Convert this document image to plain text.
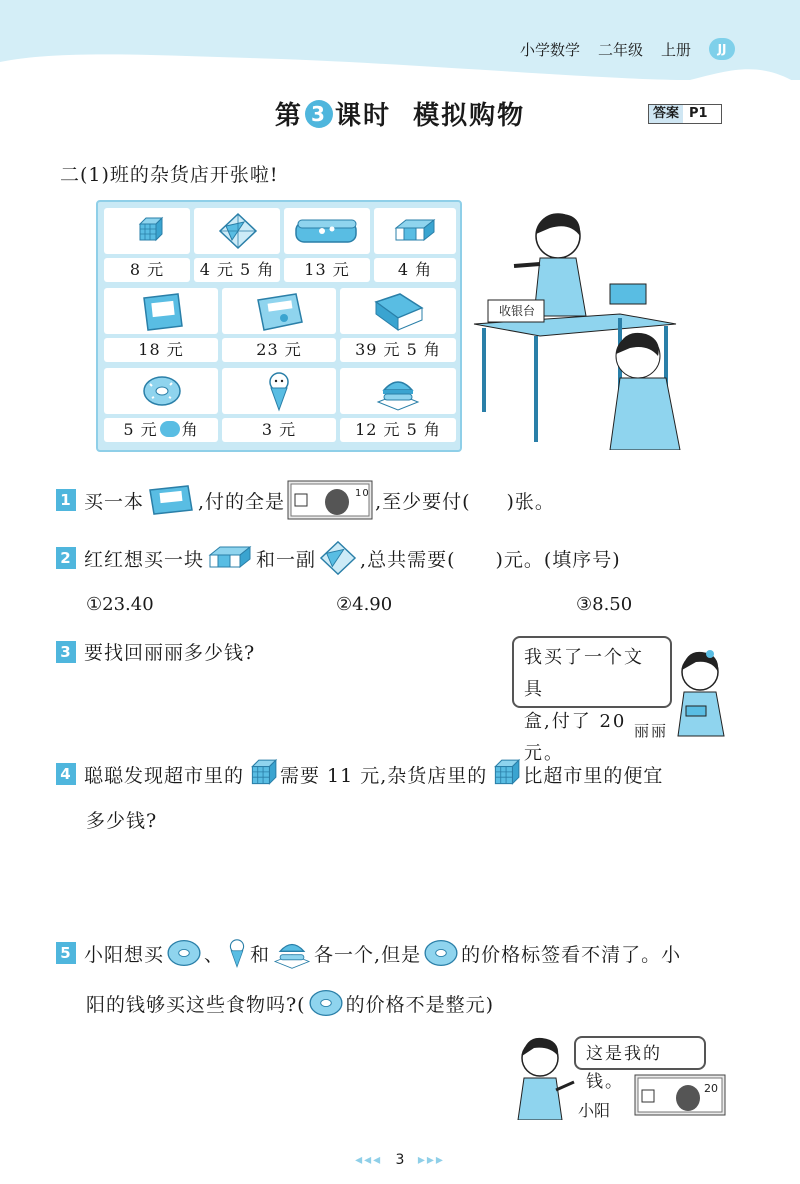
小学数学 二年级 上册	JJ
第 3 课时 模拟购物	答案 P1
二(1)班的杂货店开张啦!
8 元	4 元 5 角	13 元	4 角
18 元	23 元	39 元 5 角
5 元 角	3 元	12 元 5 角
收银台
1 买一本	,付的全是	10 ,至少要付( )张。
2 红红想买一块	和一副 ,总共需要( )元。(填序号)
①23.40	②4.90	③8.50
3 要找回丽丽多少钱?	我买了一个文具
盒,付了 20 元。
丽丽
4 聪聪发现超市里的 需要 11 元,杂货店里的 比超市里的便宜
多少钱?
5 小阳想买 、 和 各一个,但是 的价格标签看不清了。小
阳的钱够买这些食物吗?( 的价格不是整元)
这是我的钱。
小阳
20
◂◂◂ 3 ▸▸▸
